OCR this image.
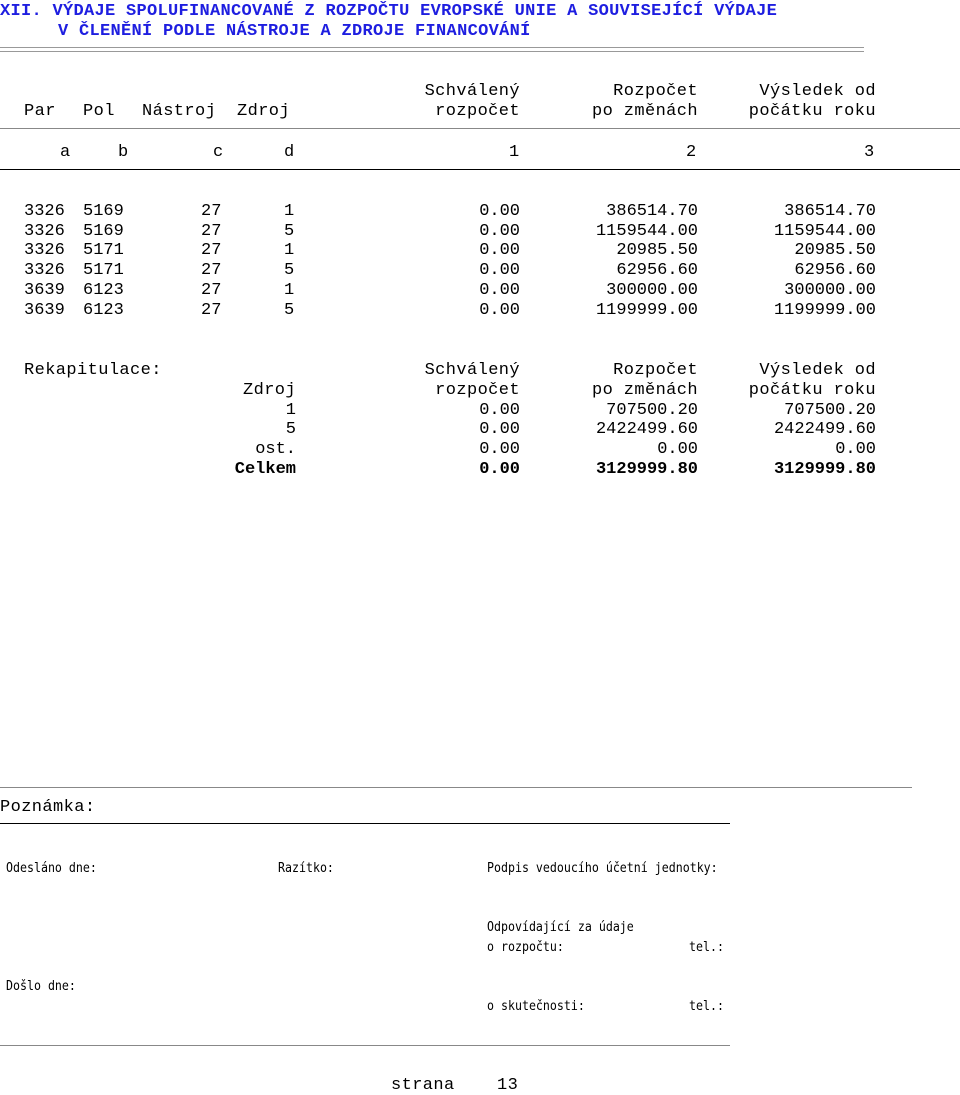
XII. VÝDAJE SPOLUFINANCOVANÉ Z ROZPOČTU EVROPSKÉ UNIE A SOUVISEJÍCÍ VÝDAJE
V ČLENĚNÍ PODLE NÁSTROJE A ZDROJE FINANCOVÁNÍ
Schválený	Rozpočet	Výsledek od
Par Pol Nástroj Zdroj	rozpočet	po změnách	počátku roku
a	b	c	d	1	2	3
3326 5169	27	1	0.00	386514.70	386514.70
3326 5169	27	5	0.00	1159544.00	1159544.00
3326 5171	27	1	0.00	20985.50	20985.50
3326 5171	27	5	0.00	62956.60	62956.60
3639 6123	27	1	0.00	300000.00	300000.00
3639 6123	27	5	0.00	1199999.00	1199999.00
Rekapitulace:	Schválený	Rozpočet	Výsledek od
Zdroj	rozpočet	po změnách	počátku roku
1	0.00	707500.20	707500.20
5	0.00	2422499.60	2422499.60
ost.	0.00	0.00	0.00
Celkem	0.00	3129999.80	3129999.80
Poznámka:
Odesláno dne:	Razítko:	Podpis vedoucího účetní jednotky:
Odpovídající za údaje
o rozpočtu:	tel.:
Došlo dne:
o skutečnosti:	tel.:
strana 13
